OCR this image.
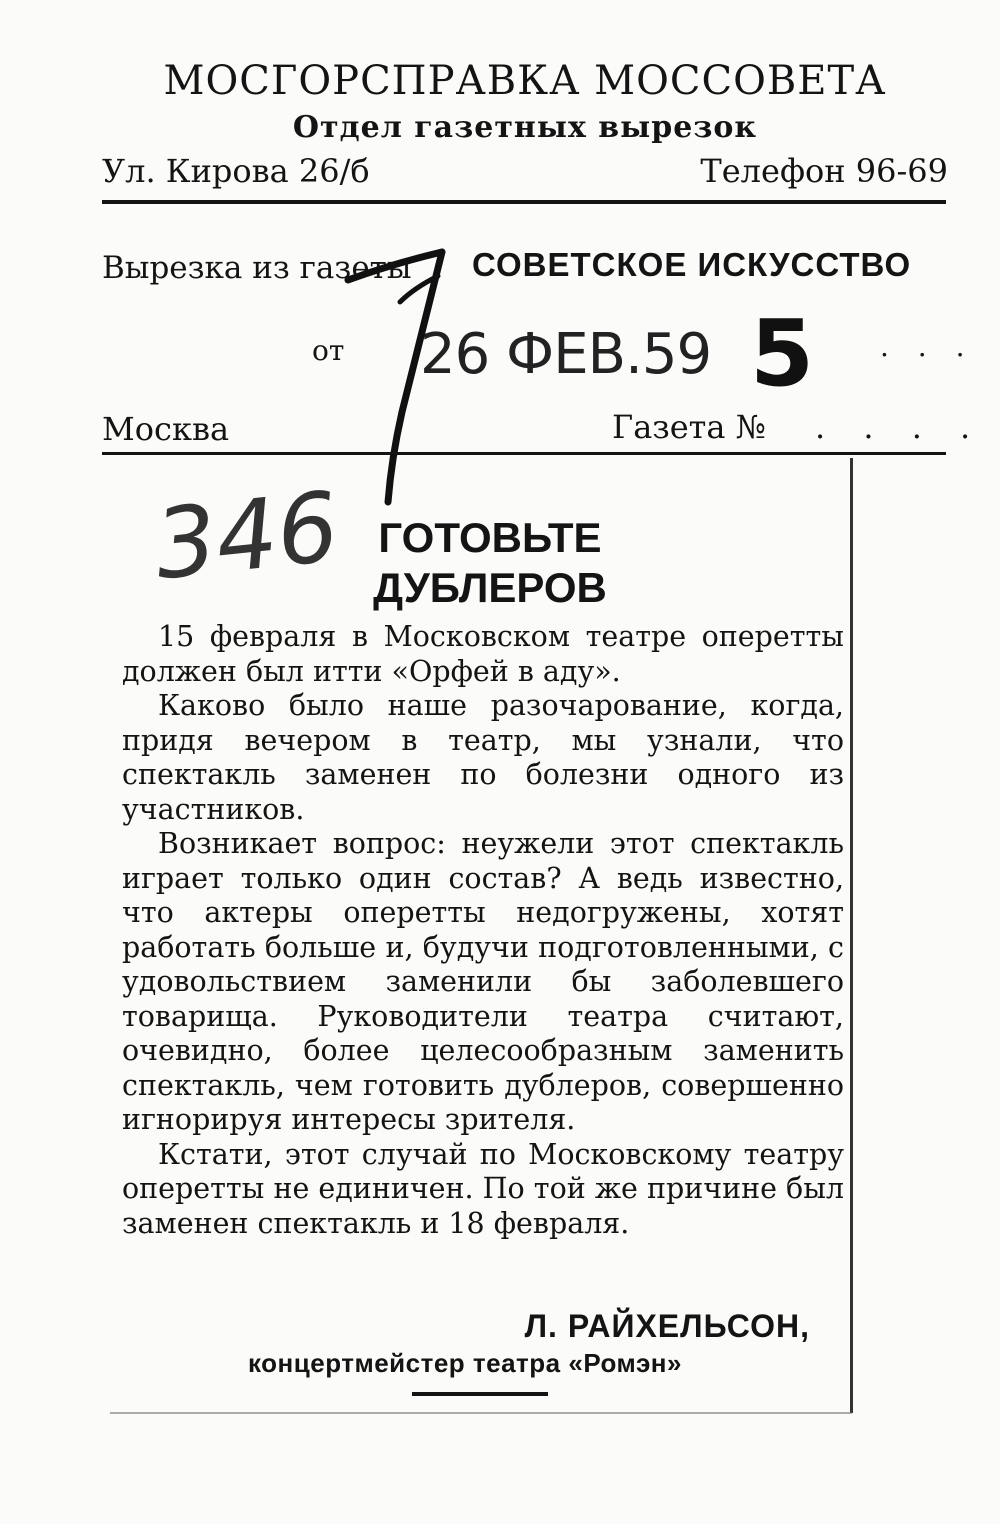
МОСГОРСПРАВКА МОССОВЕТА
Отдел газетных вырезок
Ул. Кирова 26/б	Телефон 96-69
Вырезка из газеты СОВЕТСКОЕ ИСКУССТВО
от 26 ФЕВ.59 5 . . .
Москва	Газета № . . . .
346 ГОТОВЬТЕ
ДУБЛЕРОВ

15 февраля в Московском театре оперетты должен был итти «Орфей в аду».

Каково было наше разочарование, когда, придя вечером в театр, мы узнали, что спектакль заменен по болезни одного из участников.

Возникает вопрос: неужели этот спектакль играет только один состав? А ведь известно, что актеры оперетты недогружены, хотят работать больше и, будучи подготовленными, с удовольствием заменили бы заболевшего товарища. Руководители театра считают, очевидно, более целесообразным заменить спектакль, чем готовить дублеров, совершенно игнорируя интересы зрителя.

Кстати, этот случай по Московскому театру оперетты не единичен. По той же причине был заменен спектакль и 18 февраля.

Л. РАЙХЕЛЬСОН,
концертмейстер театра «Ромэн»
